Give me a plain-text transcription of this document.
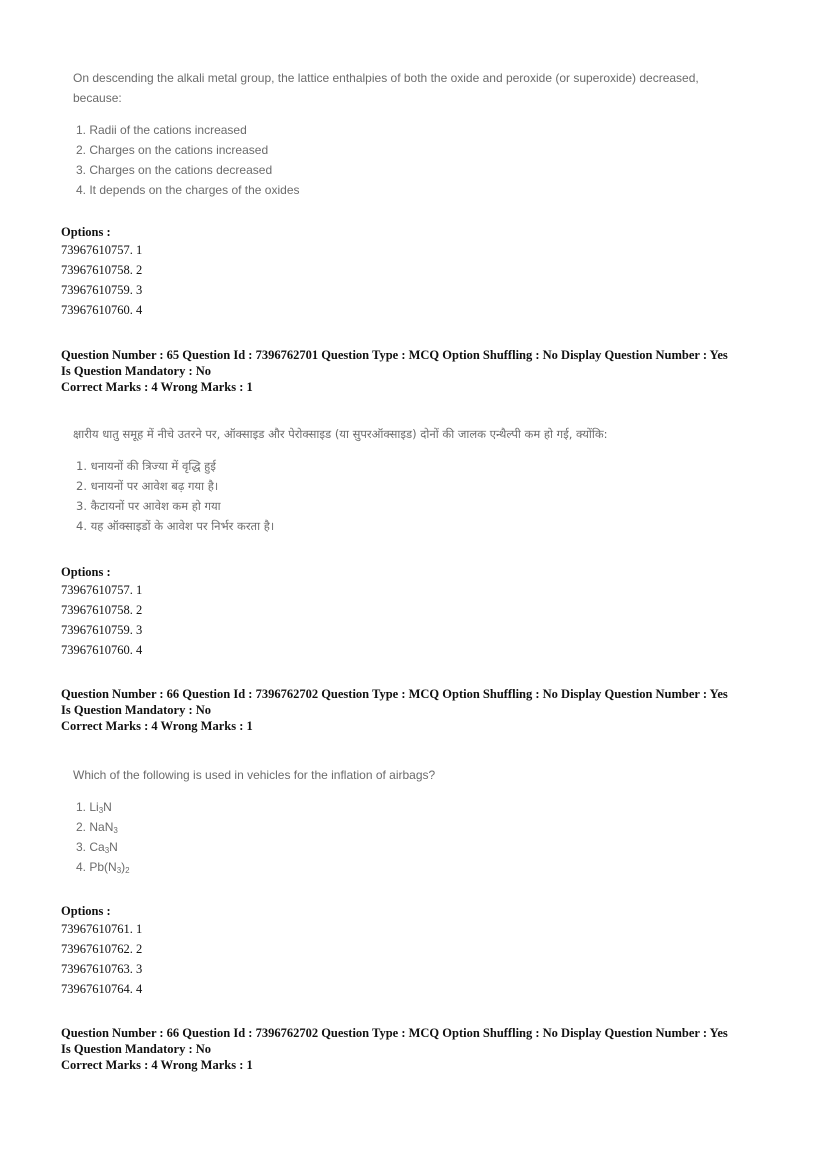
On descending the alkali metal group, the lattice enthalpies of both the oxide and peroxide (or superoxide) decreased,

because:

1. Radii of the cations increased
2. Charges on the cations increased
3. Charges on the cations decreased
4. It depends on the charges of the oxides
Options :
73967610757. 1
73967610758. 2
73967610759. 3
73967610760. 4
Question Number : 65 Question Id : 7396762701 Question Type : MCQ Option Shuffling : No Display Question Number : Yes
Is Question Mandatory : No
Correct Marks : 4 Wrong Marks : 1

क्षारीय धातु समूह में नीचे उतरने पर, ऑक्साइड और पेरोक्साइड (या सुपरऑक्साइड) दोनों की जालक एन्थैल्पी कम हो गई, क्योंकि:

1. धनायनों की त्रिज्या में वृद्धि हुई
2. धनायनों पर आवेश बढ़ गया है।
3. कैटायनों पर आवेश कम हो गया
4. यह ऑक्साइडों के आवेश पर निर्भर करता है।
Options :
73967610757. 1
73967610758. 2
73967610759. 3
73967610760. 4
Question Number : 66 Question Id : 7396762702 Question Type : MCQ Option Shuffling : No Display Question Number : Yes
Is Question Mandatory : No
Correct Marks : 4 Wrong Marks : 1

Which of the following is used in vehicles for the inflation of airbags?

1. $Li_3N$
2. NaN$_3$
3. $Ca_3N$
4. $Pb(N_3)_2$
Options :
73967610761. 1
73967610762. 2
73967610763. 3
73967610764. 4
Question Number : 66 Question Id : 7396762702 Question Type : MCQ Option Shuffling : No Display Question Number : Yes
Is Question Mandatory : No
Correct Marks : 4 Wrong Marks : 1
